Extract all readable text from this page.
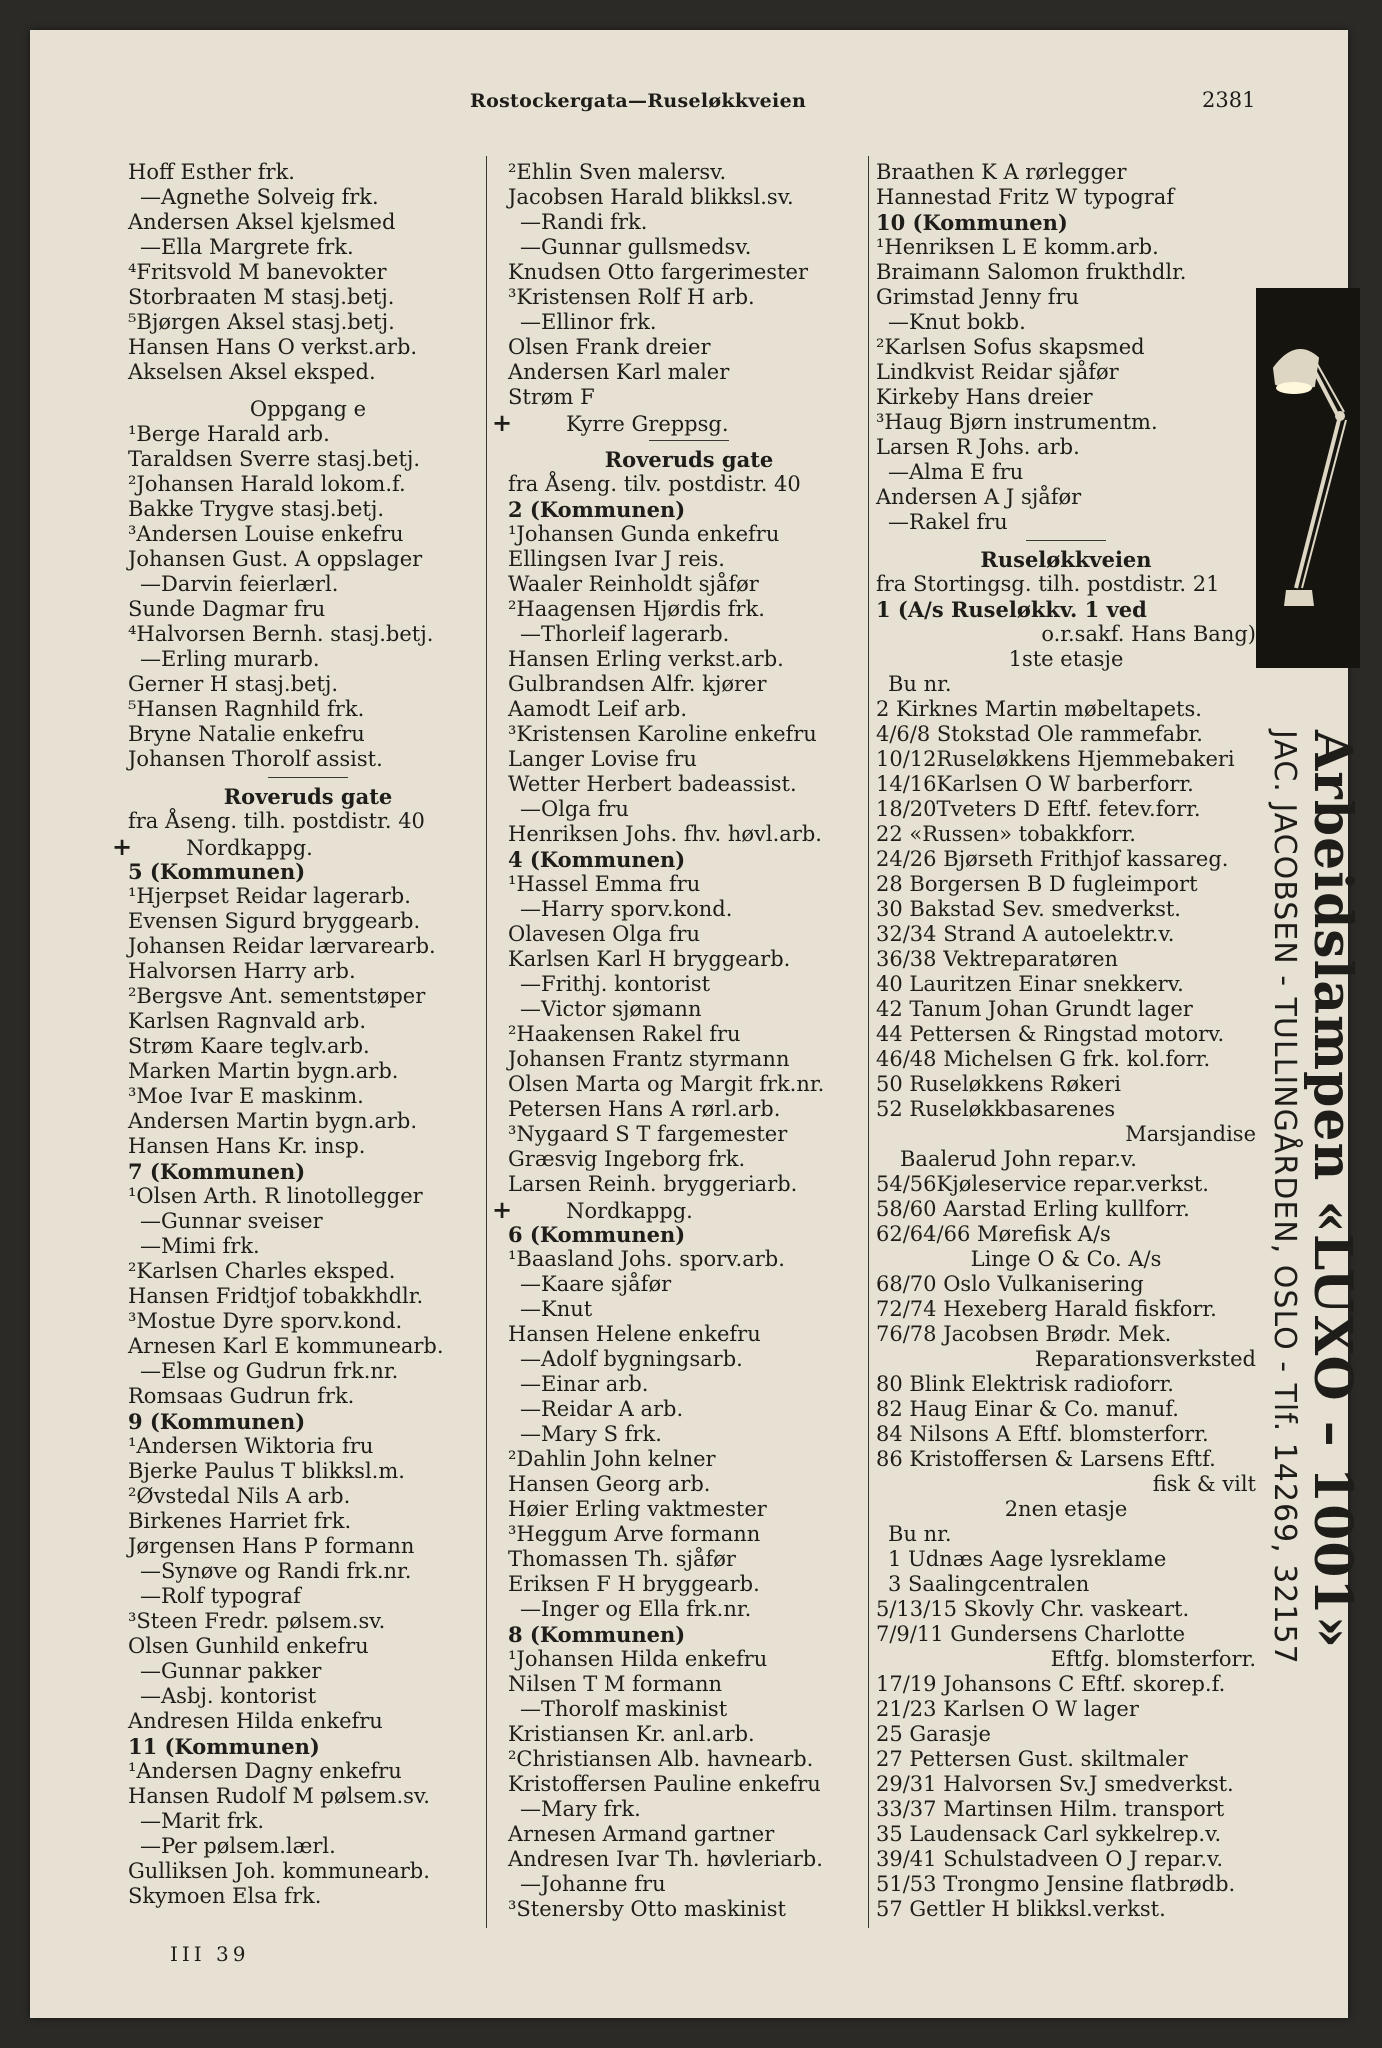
Rostockergata—Ruseløkkveien	2381
Hoff Esther frk.
—Agnethe Solveig frk.
Andersen Aksel kjelsmed
—Ella Margrete frk.
⁴Fritsvold M banevokter
Storbraaten M stasj.betj.
⁵Bjørgen Aksel stasj.betj.
Hansen Hans O verkst.arb.
Akselsen Aksel eksped.
Oppgang e
¹Berge Harald arb.
Taraldsen Sverre stasj.betj.
²Johansen Harald lokom.f.
Bakke Trygve stasj.betj.
³Andersen Louise enkefru
Johansen Gust. A oppslager
—Darvin feierlærl.
Sunde Dagmar fru
⁴Halvorsen Bernh. stasj.betj.
—Erling murarb.
Gerner H stasj.betj.
⁵Hansen Ragnhild frk.
Bryne Natalie enkefru
Johansen Thorolf assist.
Roveruds gate
fra Åseng. tilh. postdistr. 40
+	Nordkappg.
5 (Kommunen)
¹Hjerpset Reidar lagerarb.
Evensen Sigurd bryggearb.
Johansen Reidar lærvarearb.
Halvorsen Harry arb.
²Bergsve Ant. sementstøper
Karlsen Ragnvald arb.
Strøm Kaare teglv.arb.
Marken Martin bygn.arb.
³Moe Ivar E maskinm.
Andersen Martin bygn.arb.
Hansen Hans Kr. insp.
7 (Kommunen)
¹Olsen Arth. R linotollegger
—Gunnar sveiser
—Mimi frk.
²Karlsen Charles eksped.
Hansen Fridtjof tobakkhdlr.
³Mostue Dyre sporv.kond.
Arnesen Karl E kommunearb.
—Else og Gudrun frk.nr.
Romsaas Gudrun frk.
9 (Kommunen)
¹Andersen Wiktoria fru
Bjerke Paulus T blikksl.m.
²Øvstedal Nils A arb.
Birkenes Harriet frk.
Jørgensen Hans P formann
—Synøve og Randi frk.nr.
—Rolf typograf
³Steen Fredr. pølsem.sv.
Olsen Gunhild enkefru
—Gunnar pakker
—Asbj. kontorist
Andresen Hilda enkefru
11 (Kommunen)
¹Andersen Dagny enkefru
Hansen Rudolf M pølsem.sv.
—Marit frk.
—Per pølsem.lærl.
Gulliksen Joh. kommunearb.
Skymoen Elsa frk.
²Ehlin Sven malersv.
Jacobsen Harald blikksl.sv.
—Randi frk.
—Gunnar gullsmedsv.
Knudsen Otto fargerimester
³Kristensen Rolf H arb.
—Ellinor frk.
Olsen Frank dreier
Andersen Karl maler
Strøm F
+	Kyrre Greppsg.
Roveruds gate
fra Åseng. tilv. postdistr. 40
2 (Kommunen)
¹Johansen Gunda enkefru
Ellingsen Ivar J reis.
Waaler Reinholdt sjåfør
²Haagensen Hjørdis frk.
—Thorleif lagerarb.
Hansen Erling verkst.arb.
Gulbrandsen Alfr. kjører
Aamodt Leif arb.
³Kristensen Karoline enkefru
Langer Lovise fru
Wetter Herbert badeassist.
—Olga fru
Henriksen Johs. fhv. høvl.arb.
4 (Kommunen)
¹Hassel Emma fru
—Harry sporv.kond.
Olavesen Olga fru
Karlsen Karl H bryggearb.
—Frithj. kontorist
—Victor sjømann
²Haakensen Rakel fru
Johansen Frantz styrmann
Olsen Marta og Margit frk.nr.
Petersen Hans A rørl.arb.
³Nygaard S T fargemester
Græsvig Ingeborg frk.
Larsen Reinh. bryggeriarb.
+	Nordkappg.
6 (Kommunen)
¹Baasland Johs. sporv.arb.
—Kaare sjåfør
—Knut
Hansen Helene enkefru
—Adolf bygningsarb.
—Einar arb.
—Reidar A arb.
—Mary S frk.
²Dahlin John kelner
Hansen Georg arb.
Høier Erling vaktmester
³Heggum Arve formann
Thomassen Th. sjåfør
Eriksen F H bryggearb.
—Inger og Ella frk.nr.
8 (Kommunen)
¹Johansen Hilda enkefru
Nilsen T M formann
—Thorolf maskinist
Kristiansen Kr. anl.arb.
²Christiansen Alb. havnearb.
Kristoffersen Pauline enkefru
—Mary frk.
Arnesen Armand gartner
Andresen Ivar Th. høvleriarb.
—Johanne fru
³Stenersby Otto maskinist
Braathen K A rørlegger
Hannestad Fritz W typograf
10 (Kommunen)
¹Henriksen L E komm.arb.
Braimann Salomon frukthdlr.
Grimstad Jenny fru
—Knut bokb.
²Karlsen Sofus skapsmed
Lindkvist Reidar sjåfør
Kirkeby Hans dreier
³Haug Bjørn instrumentm.
Larsen R Johs. arb.
—Alma E fru
Andersen A J sjåfør
—Rakel fru
Ruseløkkveien
fra Stortingsg. tilh. postdistr. 21
1 (A/s Ruseløkkv. 1 ved
o.r.sakf. Hans Bang)
1ste etasje
Bu nr.
2 Kirknes Martin møbeltapets.
4/6/8 Stokstad Ole rammefabr.
10/12Ruseløkkens Hjemmebakeri
14/16Karlsen O W barberforr.
18/20Tveters D Eftf. fetev.forr.
22 «Russen» tobakkforr.
24/26 Bjørseth Frithjof kassareg.
28 Borgersen B D fugleimport
30 Bakstad Sev. smedverkst.
32/34 Strand A autoelektr.v.
36/38 Vektreparatøren
40 Lauritzen Einar snekkerv.
42 Tanum Johan Grundt lager
44 Pettersen & Ringstad motorv.
46/48 Michelsen G frk. kol.forr.
50 Ruseløkkens Røkeri
52 Ruseløkkbasarenes
Marsjandise
Baalerud John repar.v.
54/56Kjøleservice repar.verkst.
58/60 Aarstad Erling kullforr.
62/64/66 Mørefisk A/s
Linge O & Co. A/s
68/70 Oslo Vulkanisering
72/74 Hexeberg Harald fiskforr.
76/78 Jacobsen Brødr. Mek.
Reparationsverksted
80 Blink Elektrisk radioforr.
82 Haug Einar & Co. manuf.
84 Nilsons A Eftf. blomsterforr.
86 Kristoffersen & Larsens Eftf.
fisk & vilt
2nen etasje
Bu nr.
1 Udnæs Aage lysreklame
3 Saalingcentralen
5/13/15 Skovly Chr. vaskeart.
7/9/11 Gundersens Charlotte
Eftfg. blomsterforr.
17/19 Johansons C Eftf. skorep.f.
21/23 Karlsen O W lager
25 Garasje
27 Pettersen Gust. skiltmaler
29/31 Halvorsen Sv.J smedverkst.
33/37 Martinsen Hilm. transport
35 Laudensack Carl sykkelrep.v.
39/41 Schulstadveen O J repar.v.
51/53 Trongmo Jensine flatbrødb.
57 Gettler H blikksl.verkst.
III 39
Arbeidslampen «LUXO – 1001»
JAC. JACOBSEN - TULLINGÅRDEN, OSLO - Tlf. 14269, 32157
